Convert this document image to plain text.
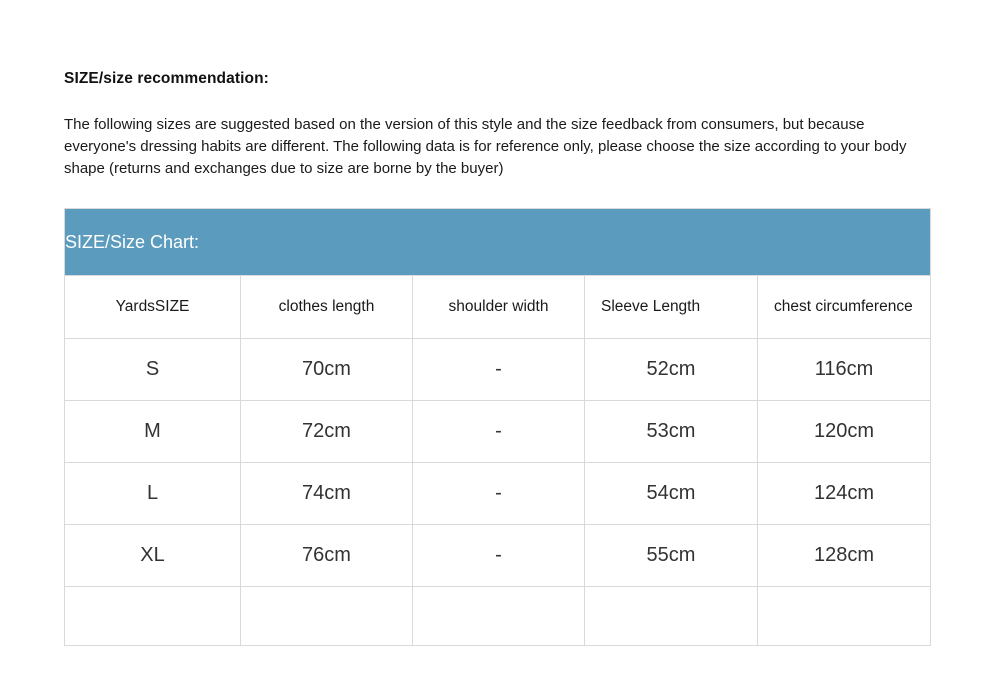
SIZE/size recommendation:
The following sizes are suggested based on the version of this style and the size feedback from consumers, but because everyone's dressing habits are different. The following data is for reference only, please choose the size according to your body shape (returns and exchanges due to size are borne by the buyer)
SIZE/Size Chart:				
YardsSIZE	clothes length	shoulder width	Sleeve Length	chest circumference
S	70cm	-	52cm	116cm
M	72cm	-	53cm	120cm
L	74cm	-	54cm	124cm
XL	76cm	-	55cm	128cm
